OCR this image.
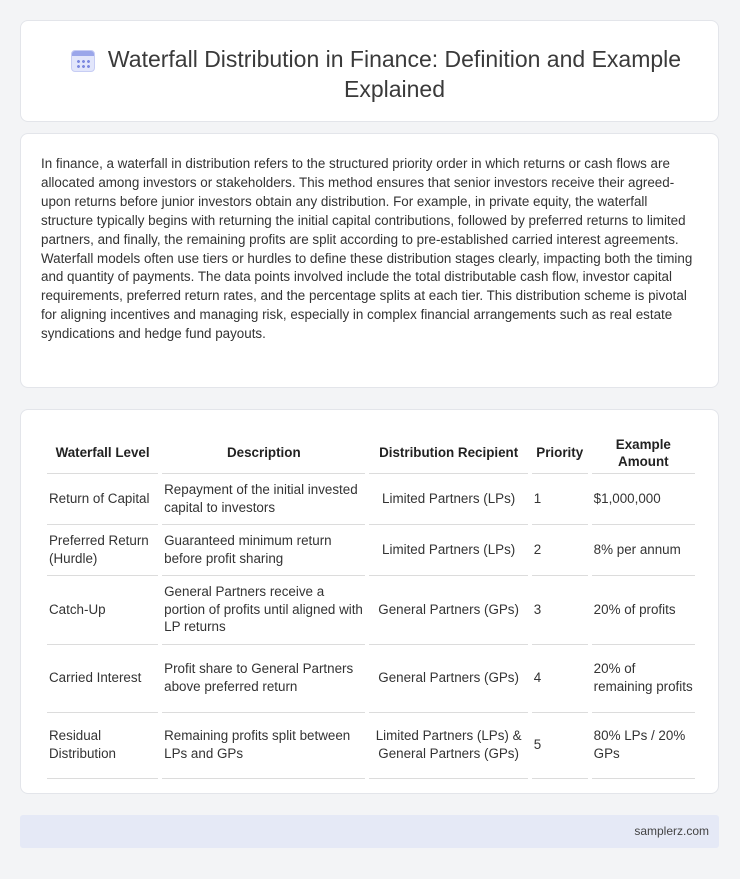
Waterfall Distribution in Finance: Definition and Example Explained

In finance, a waterfall in distribution refers to the structured priority order in which returns or cash flows are allocated among investors or stakeholders. This method ensures that senior investors receive their agreed-upon returns before junior investors obtain any distribution. For example, in private equity, the waterfall structure typically begins with returning the initial capital contributions, followed by preferred returns to limited partners, and finally, the remaining profits are split according to pre-established carried interest agreements. Waterfall models often use tiers or hurdles to define these distribution stages clearly, impacting both the timing and quantity of payments. The data points involved include the total distributable cash flow, investor capital requirements, preferred return rates, and the percentage splits at each tier. This distribution scheme is pivotal for aligning incentives and managing risk, especially in complex financial arrangements such as real estate syndications and hedge fund payouts.

Waterfall Level	Description	Distribution Recipient	Priority	Example Amount
Return of Capital	Repayment of the initial invested capital to investors	Limited Partners (LPs)	1	$1,000,000
Preferred Return (Hurdle)	Guaranteed minimum return before profit sharing	Limited Partners (LPs)	2	8% per annum
Catch-Up	General Partners receive a portion of profits until aligned with LP returns	General Partners (GPs)	3	20% of profits
Carried Interest	Profit share to General Partners above preferred return	General Partners (GPs)	4	20% of remaining profits
Residual Distribution	Remaining profits split between LPs and GPs	Limited Partners (LPs) & General Partners (GPs)	5	80% LPs / 20% GPs
samplerz.com
